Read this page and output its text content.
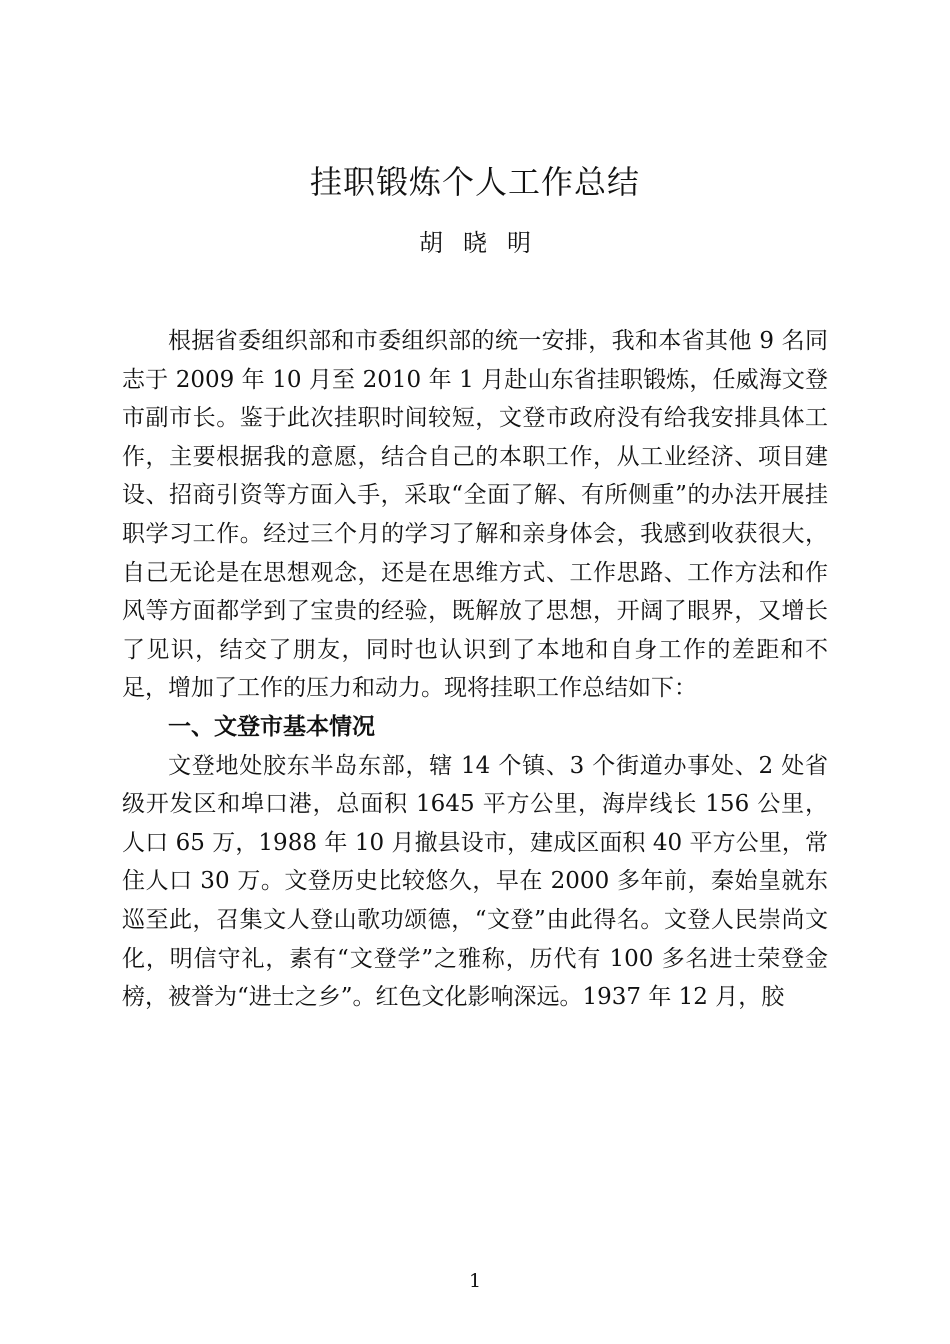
挂职锻炼个人工作总结
胡晓明

根据省委组织部和市委组织部的统一安排，我和本省其他 9 名同志于 2009 年 10 月至 2010 年 1 月赴山东省挂职锻炼，任威海文登市副市长。鉴于此次挂职时间较短，文登市政府没有给我安排具体工作，主要根据我的意愿，结合自己的本职工作，从工业经济、项目建设、招商引资等方面入手，采取“全面了解、有所侧重”的办法开展挂职学习工作。经过三个月的学习了解和亲身体会，我感到收获很大，自己无论是在思想观念，还是在思维方式、工作思路、工作方法和作风等方面都学到了宝贵的经验，既解放了思想，开阔了眼界，又增长了见识，结交了朋友，同时也认识到了本地和自身工作的差距和不足，增加了工作的压力和动力。现将挂职工作总结如下：

一、文登市基本情况

文登地处胶东半岛东部，辖 14 个镇、3 个街道办事处、2 处省级开发区和埠口港，总面积 1645 平方公里，海岸线长 156 公里，人口 65 万，1988 年 10 月撤县设市，建成区面积 40 平方公里，常住人口 30 万。文登历史比较悠久，早在 2000 多年前，秦始皇就东巡至此，召集文人登山歌功颂德，“文登”由此得名。文登人民崇尚文化，明信守礼，素有“文登学”之雅称，历代有 100 多名进士荣登金榜，被誉为“进士之乡”。红色文化影响深远。1937 年 12 月，胶

1
